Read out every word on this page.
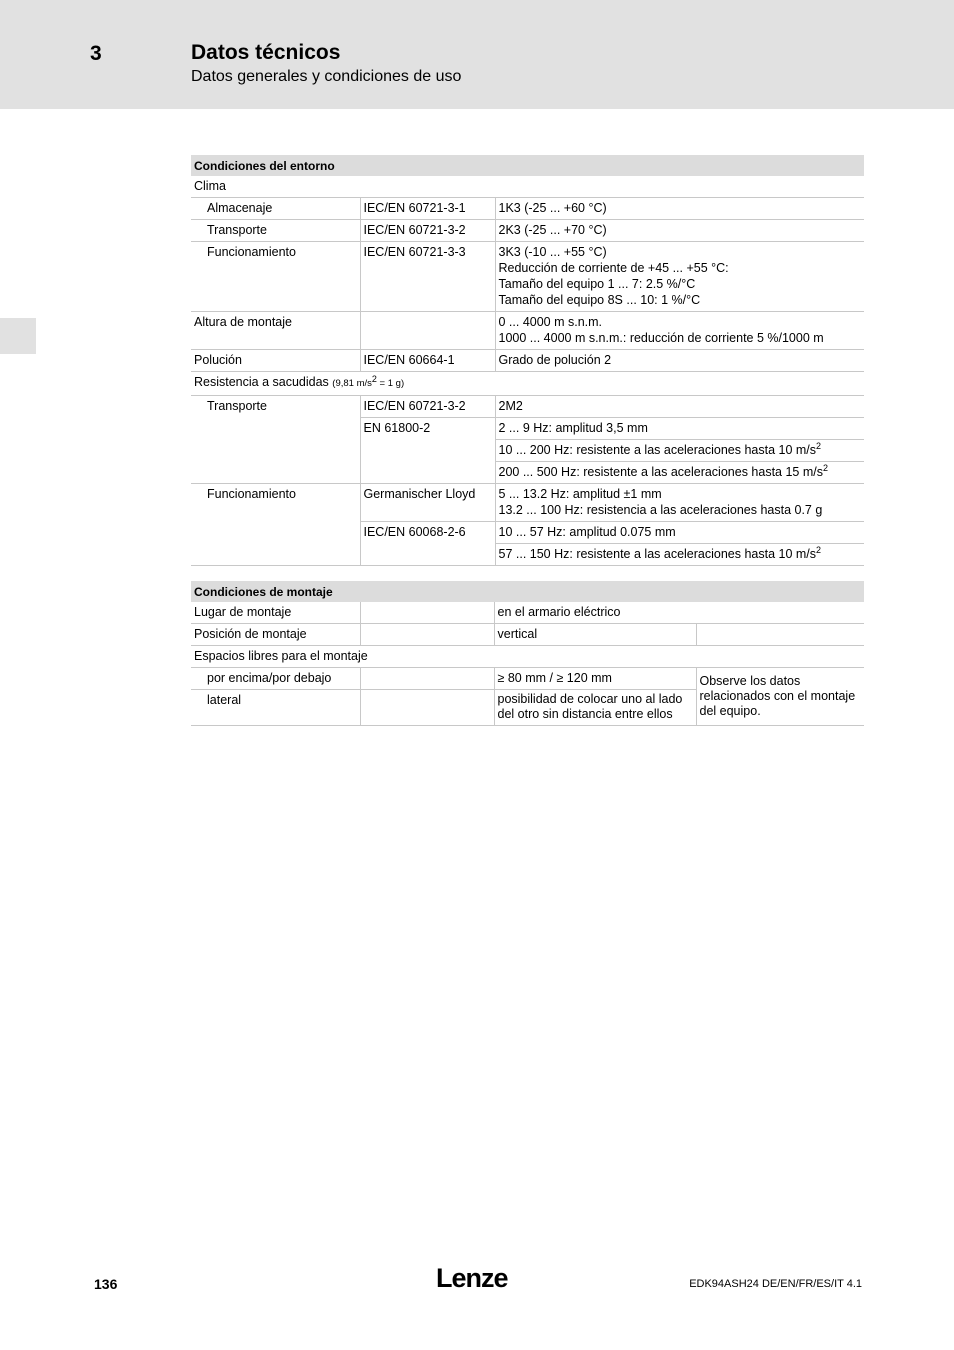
3	Datos técnicos
Datos generales y condiciones de uso
Condiciones del entorno		
Clima		
Almacenaje	IEC/EN 60721-3-1	1K3 (-25 ... +60 °C)
Transporte	IEC/EN 60721-3-2	2K3 (-25 ... +70 °C)
Funcionamiento	IEC/EN 60721-3-3	3K3 (-10 ... +55 °C)
Reducción de corriente de +45 ... +55 °C:
Tamaño del equipo 1 ... 7: 2.5 %/°C
Tamaño del equipo 8S ... 10: 1 %/°C

Altura de montaje		0 ... 4000 m s.n.m.
1000 ... 4000 m s.n.m.: reducción de corriente 5 %/1000 m

Polución	IEC/EN 60664-1	Grado de polución 2
Resistencia a sacudidas (9,81 $m/s^2 = 1$ g)		
Transporte	IEC/EN 60721-3-2	2M2
	EN 61800-2	2 ... 9 Hz: amplitud 3,5 mm
		10 ... 200 Hz: resistente a las aceleraciones hasta 10 $m/s^2$
		200 ... 500 Hz: resistente a las aceleraciones hasta 15 $m/s^2$
Funcionamiento	Germanischer Lloyd	5 ... 13.2 Hz: amplitud ±1 mm
13.2 ... 100 Hz: resistencia a las aceleraciones hasta 0.7 g

	IEC/EN 60068-2-6	10 ... 57 Hz: amplitud 0.075 mm
		57 ... 150 Hz: resistente a las aceleraciones hasta 10 $m/s^2$
Condiciones de montaje			
Lugar de montaje		en el armario eléctrico	
Posición de montaje		vertical	
Espacios libres para el montaje			
por encima/por debajo		≥ 80 mm / ≥ 120 mm	Observe los datos relacionados con el montaje del equipo.
lateral		posibilidad de colocar uno al lado del otro sin distancia entre ellos	
136	Lenze	EDK94ASH24 DE/EN/FR/ES/IT 4.1
